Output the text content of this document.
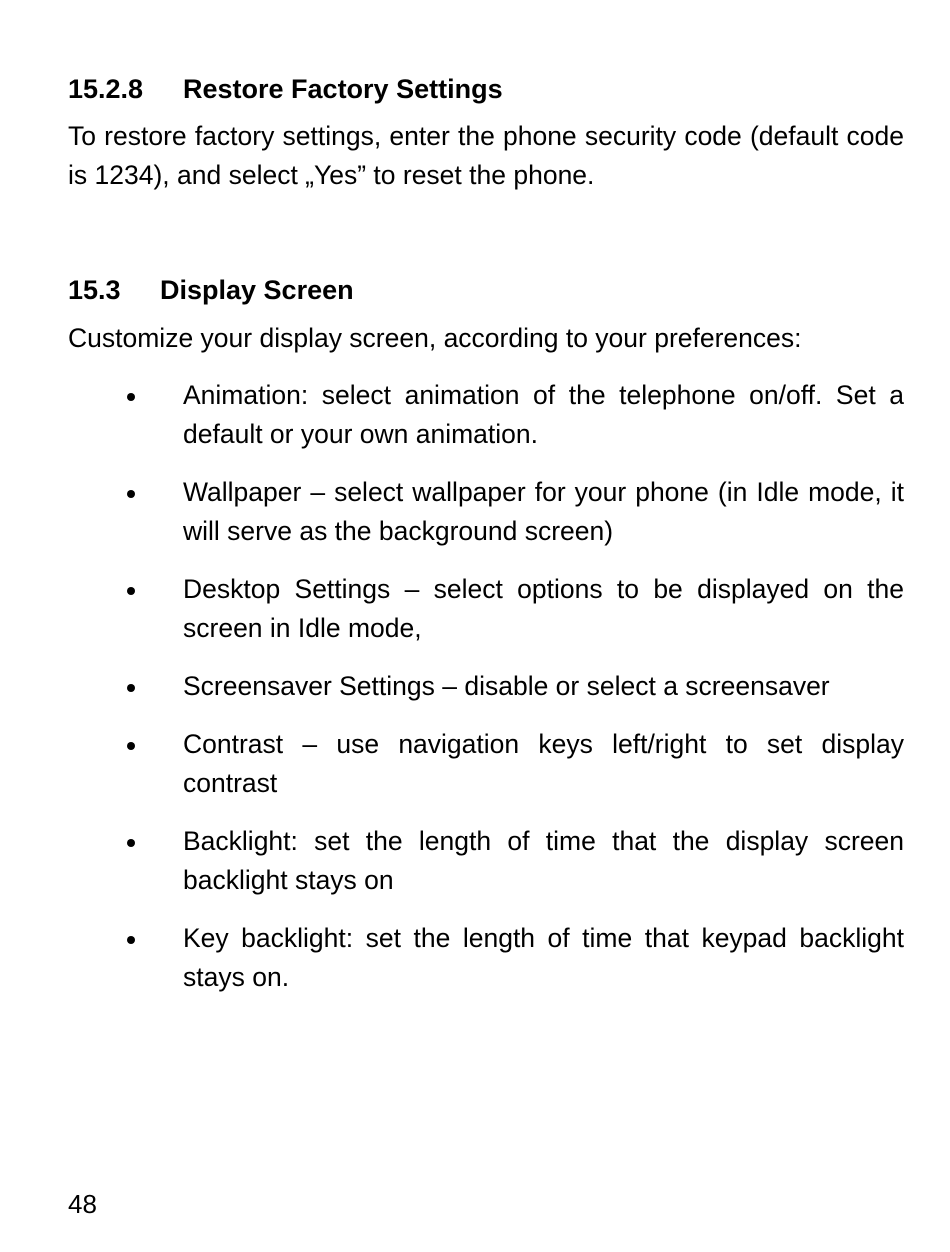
15.2.8 Restore Factory Settings

To restore factory settings, enter the phone security code (default code is 1234), and select „Yes” to reset the phone.

15.3 Display Screen

Customize your display screen, according to your preferences:

Animation: select animation of the telephone on/off. Set a default or your own animation.
Wallpaper – select wallpaper for your phone (in Idle mode, it will serve as the background screen)
Desktop Settings – select options to be displayed on the screen in Idle mode,
Screensaver Settings – disable or select a screensaver
Contrast – use navigation keys left/right to set display contrast
Backlight: set the length of time that the display screen backlight stays on
Key backlight: set the length of time that keypad backlight stays on.
48
